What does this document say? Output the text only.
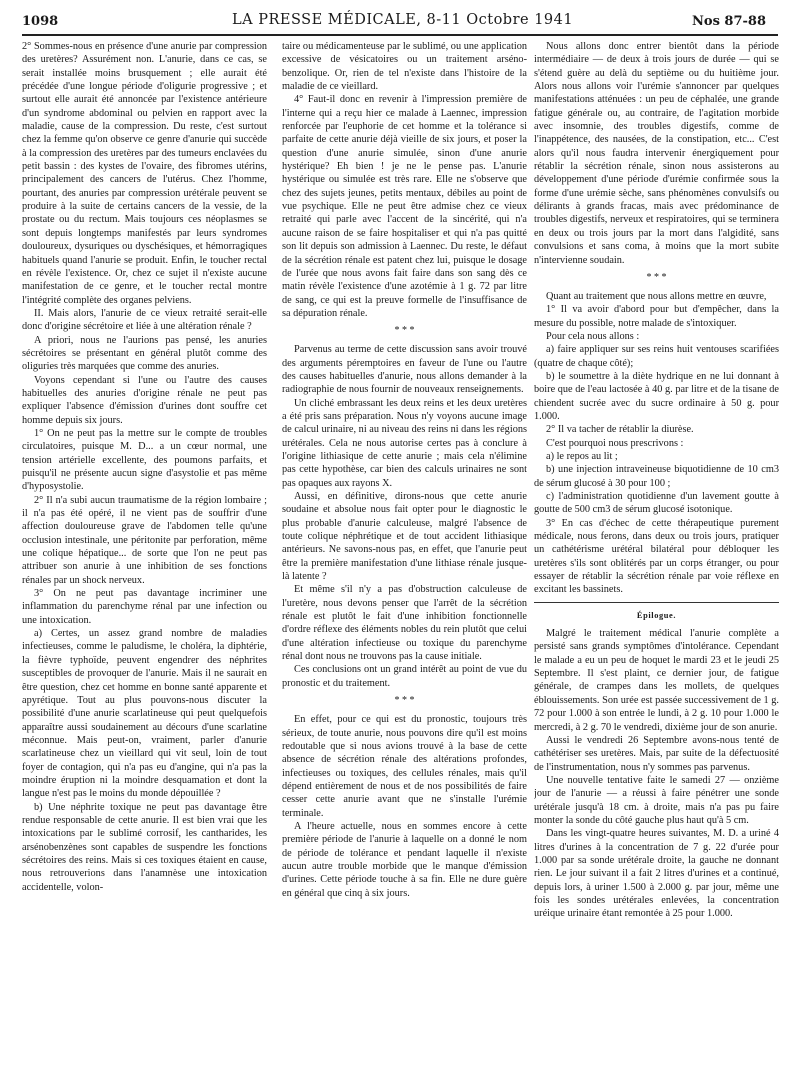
1098	LA PRESSE MÉDICALE, 8-11 Octobre 1941	Nos 87-88

2° Sommes-nous en présence d'une anurie par compression des uretères? Assurément non. L'anurie, dans ce cas, se serait installée moins brusquement ; elle aurait été précédée d'une longue période d'oligurie progressive ; et surtout elle aurait été annoncée par l'existence antérieure d'un syndrome abdominal ou pelvien en rapport avec la maladie, cause de la compression. Du reste, c'est surtout chez la femme qu'on observe ce genre d'anurie qui succède à la compression des uretères par des tumeurs enclavées du petit bassin : des kystes de l'ovaire, des fibromes utérins, principalement des cancers de l'utérus. Chez l'homme, pourtant, des anuries par compression urétérale peuvent se produire à la suite de certains cancers de la vessie, de la prostate ou du rectum. Mais toujours ces néoplasmes se sont depuis longtemps manifestés par leurs syndromes douloureux, dysuriques ou dyschésiques, et hémorragiques habituels quand l'anurie se produit. Enfin, le toucher rectal en révèle l'existence. Or, chez ce sujet il n'existe aucune manifestation de ce genre, et le toucher rectal montre l'intégrité complète des organes pelviens.

II. Mais alors, l'anurie de ce vieux retraité serait-elle donc d'origine sécrétoire et liée à une altération rénale ?

A priori, nous ne l'aurions pas pensé, les anuries sécrétoires se présentant en général plutôt comme des oliguries très marquées que comme des anuries.

Voyons cependant si l'une ou l'autre des causes habituelles des anuries d'origine rénale ne peut pas expliquer l'absence d'émission d'urines dont souffre cet homme depuis six jours.

1° On ne peut pas la mettre sur le compte de troubles circulatoires, puisque M. D... a un cœur normal, une tension artérielle excellente, des poumons parfaits, et puisqu'il ne présente aucun signe d'asystolie et pas même d'hyposystolie.

2° Il n'a subi aucun traumatisme de la région lombaire ; il n'a pas été opéré, il ne vient pas de souffrir d'une affection douloureuse grave de l'abdomen telle qu'une occlusion intestinale, une péritonite par perforation, même une colique hépatique... de sorte que l'on ne peut pas attribuer son anurie à une inhibition de ses fonctions rénales par un shock nerveux.

3° On ne peut pas davantage incriminer une inflammation du parenchyme rénal par une infection ou une intoxication.

a) Certes, un assez grand nombre de maladies infectieuses, comme le paludisme, le choléra, la diphtérie, la fièvre typhoïde, peuvent engendrer des néphrites susceptibles de provoquer de l'anurie. Mais il ne saurait en être question, chez cet homme en bonne santé apparente et apyrétique. Tout au plus pouvons-nous discuter la possibilité d'une anurie scarlatineuse qui peut quelquefois apparaître aussi soudainement au décours d'une scarlatine méconnue. Mais peut-on, vraiment, parler d'anurie scarlatineuse chez un vieillard qui vit seul, loin de tout foyer de contagion, qui n'a pas eu d'angine, qui n'a pas la moindre éruption ni la moindre desquamation et dont la langue n'est pas le moins du monde dépouillée ?

b) Une néphrite toxique ne peut pas davantage être rendue responsable de cette anurie. Il est bien vrai que les intoxications par le sublimé corrosif, les cantharides, les arsénobenzènes sont capables de suspendre les fonctions sécrétoires des reins. Mais si ces toxiques étaient en cause, nous retrouverions dans l'anamnèse une intoxication accidentelle, volon-

taire ou médicamenteuse par le sublimé, ou une application excessive de vésicatoires ou un traitement arséno-benzolique. Or, rien de tel n'existe dans l'histoire de la maladie de ce vieillard.

4° Faut-il donc en revenir à l'impression première de l'interne qui a reçu hier ce malade à Laennec, impression renforcée par l'euphorie de cet homme et la tolérance si parfaite de cette anurie déjà vieille de six jours, et poser la question d'une anurie simulée, sinon d'une anurie hystérique? Eh bien ! je ne le pense pas. L'anurie hystérique ou simulée est très rare. Elle ne s'observe que chez des sujets jeunes, petits mentaux, débiles au point de vue psychique. Elle ne peut être admise chez ce vieux retraité qui parle avec l'accent de la sincérité, qui n'a aucune raison de se faire hospitaliser et qui n'a pas quitté son lit depuis son admission à Laennec. Du reste, le défaut de la sécrétion rénale est patent chez lui, puisque le dosage de l'urée que nous avons fait faire dans son sang dès ce matin révèle l'existence d'une azotémie à 1 g. 72 par litre de sang, ce qui est la preuve formelle de l'insuffisance de sa dépuration rénale.

* * *

Parvenus au terme de cette discussion sans avoir trouvé des arguments péremptoires en faveur de l'une ou l'autre des causes habituelles d'anurie, nous allons demander à la radiographie de nous fournir de nouveaux renseignements.

Un cliché embrassant les deux reins et les deux uretères a été pris sans préparation. Nous n'y voyons aucune image de calcul urinaire, ni au niveau des reins ni dans les régions urétérales. Cela ne nous autorise certes pas à conclure à l'origine lithiasique de cette anurie ; mais cela n'élimine pas cette hypothèse, car bien des calculs urinaires ne sont pas opaques aux rayons X.

Aussi, en définitive, dirons-nous que cette anurie soudaine et absolue nous fait opter pour le diagnostic le plus probable d'anurie calculeuse, malgré l'absence de toute colique néphrétique et de tout accident lithiasique antérieurs. Ne savons-nous pas, en effet, que l'anurie peut être la première manifestation d'une lithiase rénale jusque-là latente ?

Et même s'il n'y a pas d'obstruction calculeuse de l'uretère, nous devons penser que l'arrêt de la sécrétion rénale est plutôt le fait d'une inhibition fonctionnelle d'ordre réflexe des éléments nobles du rein plutôt que celui d'une altération infectieuse ou toxique du parenchyme rénal dont nous ne trouvons pas la cause initiale.

Ces conclusions ont un grand intérêt au point de vue du pronostic et du traitement.

* * *

En effet, pour ce qui est du pronostic, toujours très sérieux, de toute anurie, nous pouvons dire qu'il est moins redoutable que si nous avions trouvé à la base de cette absence de sécrétion rénale des altérations profondes, infectieuses ou toxiques, des cellules rénales, mais qu'il dépend entièrement de nous et de nos possibilités de faire cesser cette anurie avant que ne s'installe l'urémie terminale.

A l'heure actuelle, nous en sommes encore à cette première période de l'anurie à laquelle on a donné le nom de période de tolérance et pendant laquelle il n'existe aucun autre trouble morbide que le manque d'émission d'urines. Cette période touche à sa fin. Elle ne dure guère en général que cinq à six jours.

Nous allons donc entrer bientôt dans la période intermédiaire — de deux à trois jours de durée — qui se s'étend guère au delà du septième ou du huitième jour. Alors nous allons voir l'urémie s'annoncer par quelques manifestations atténuées : un peu de céphalée, une grande fatigue générale ou, au contraire, de l'agitation morbide avec insomnie, des troubles digestifs, comme de l'inappétence, des nausées, de la constipation, etc... C'est alors qu'il nous faudra intervenir énergiquement pour rétablir la sécrétion rénale, sinon nous assisterons au développement d'une période d'urémie confirmée sous la forme d'une urémie sèche, sans phénomènes convulsifs ou délirants à grands fracas, mais avec prédominance de troubles digestifs, nerveux et respiratoires, qui se terminera en deux ou trois jours par la mort dans l'algidité, sans convulsions et sans coma, à moins que la mort subite n'intervienne soudain.

* * *

Quant au traitement que nous allons mettre en œuvre,

1° Il va avoir d'abord pour but d'empêcher, dans la mesure du possible, notre malade de s'intoxiquer.

Pour cela nous allons :

a) faire appliquer sur ses reins huit ventouses scarifiées (quatre de chaque côté);

b) le soumettre à la diète hydrique en ne lui donnant à boire que de l'eau lactosée à 40 g. par litre et de la tisane de chiendent sucrée avec du sucre ordinaire à 50 g. pour 1.000.

2° Il va tacher de rétablir la diurèse.

C'est pourquoi nous prescrivons :

a) le repos au lit ;

b) une injection intraveineuse biquotidienne de 10 cm3 de sérum glucosé à 30 pour 100 ;

c) l'administration quotidienne d'un lavement goutte à goutte de 500 cm3 de sérum glucosé isotonique.

3° En cas d'échec de cette thérapeutique purement médicale, nous ferons, dans deux ou trois jours, pratiquer un cathétérisme urétéral bilatéral pour débloquer les uretères s'ils sont oblitérés par un corps étranger, ou pour essayer de rétablir la sécrétion rénale par voie réflexe en excitant les bassinets.

Épilogue.

Malgré le traitement médical l'anurie complète a persisté sans grands symptômes d'intolérance. Cependant le malade a eu un peu de hoquet le mardi 23 et le jeudi 25 Septembre. Il s'est plaint, ce dernier jour, de fatigue générale, de crampes dans les mollets, de quelques éblouissements. Son urée est passée successivement de 1 g. 72 pour 1.000 à son entrée le lundi, à 2 g. 10 pour 1.000 le mercredi, à 2 g. 70 le vendredi, dixième jour de son anurie.

Aussi le vendredi 26 Septembre avons-nous tenté de cathétériser ses uretères. Mais, par suite de la défectuosité de l'instrumentation, nous n'y sommes pas parvenus.

Une nouvelle tentative faite le samedi 27 — onzième jour de l'anurie — a réussi à faire pénétrer une sonde urétérale jusqu'à 18 cm. à droite, mais n'a pas pu faire monter la sonde du côté gauche plus haut qu'à 5 cm.

Dans les vingt-quatre heures suivantes, M. D. a uriné 4 litres d'urines à la concentration de 7 g. 22 d'urée pour 1.000 par sa sonde urétérale droite, la gauche ne donnant rien. Le jour suivant il a fait 2 litres d'urines et a continué, depuis lors, à uriner 1.500 à 2.000 g. par jour, même une fois les sondes urétérales enlevées, la concentration uréique urinaire étant remontée à 25 pour 1.000.
